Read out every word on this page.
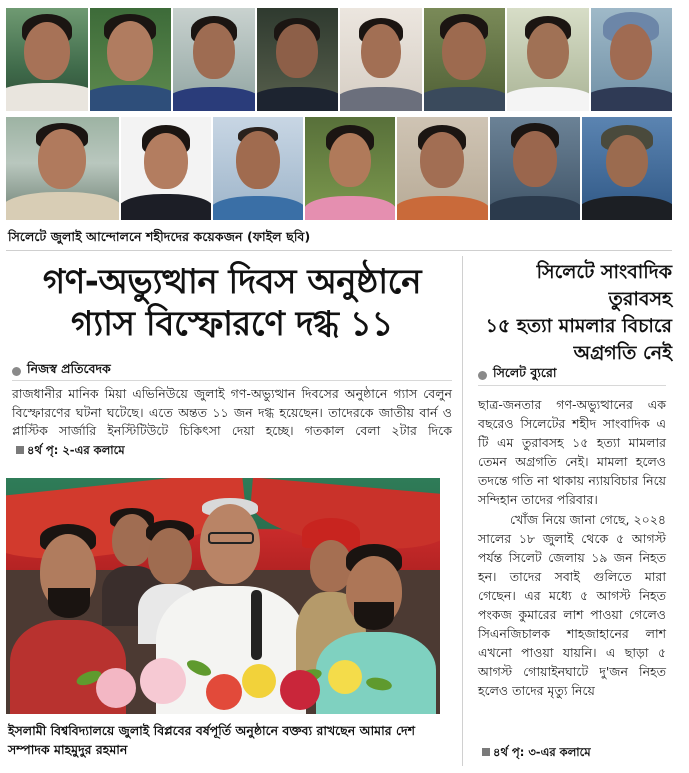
সিলেটে জুলাই আন্দোলনে শহীদদের কয়েকজন (ফাইল ছবি)
গণ-অভ্যুত্থান দিবস অনুষ্ঠানে
গ্যাস বিস্ফোরণে দগ্ধ ১১
নিজস্ব প্রতিবেদক

রাজধানীর মানিক মিয়া এভিনিউয়ে জুলাই গণ-অভ্যুত্থান দিবসের অনুষ্ঠানে গ্যাস বেলুন বিস্ফোরণের ঘটনা ঘটেছে। এতে অন্তত ১১ জন দগ্ধ হয়েছেন। তাদেরকে জাতীয় বার্ন ও প্লাস্টিক সার্জারি ইনস্টিটিউটে চিকিৎসা দেয়া হচ্ছে। গতকাল বেলা ২টার দিকে ৪র্থ পৃ: ২-এর কলামে

ইসলামী বিশ্ববিদ্যালয়ে জুলাই বিপ্লবের বর্ষপূর্তি অনুষ্ঠানে বক্তব্য রাখছেন আমার দেশ সম্পাদক মাহমুদুর রহমান
সিলেটে সাংবাদিক তুরাবসহ
১৫ হত্যা মামলার বিচারে
অগ্রগতি নেই
সিলেট ব্যুরো

ছাত্র-জনতার গণ-অভ্যুত্থানের এক বছরেও সিলেটের শহীদ সাংবাদিক এ টি এম তুরাবসহ ১৫ হত্যা মামলার তেমন অগ্রগতি নেই। মামলা হলেও তদন্তে গতি না থাকায় ন্যায়বিচার নিয়ে সন্দিহান তাদের পরিবার।

খোঁজ নিয়ে জানা গেছে, ২০২৪ সালের ১৮ জুলাই থেকে ৫ আগস্ট পর্যন্ত সিলেট জেলায় ১৯ জন নিহত হন। তাদের সবাই গুলিতে মারা গেছেন। এর মধ্যে ৫ আগস্ট নিহত পংকজ কুমারের লাশ পাওয়া গেলেও সিএনজিচালক শাহজাহানের লাশ এখনো পাওয়া যায়নি। এ ছাড়া ৫ আগস্ট গোয়াইনঘাটে দু'জন নিহত হলেও তাদের মৃত্যু নিয়ে

৪র্থ পৃ: ৩-এর কলামে
